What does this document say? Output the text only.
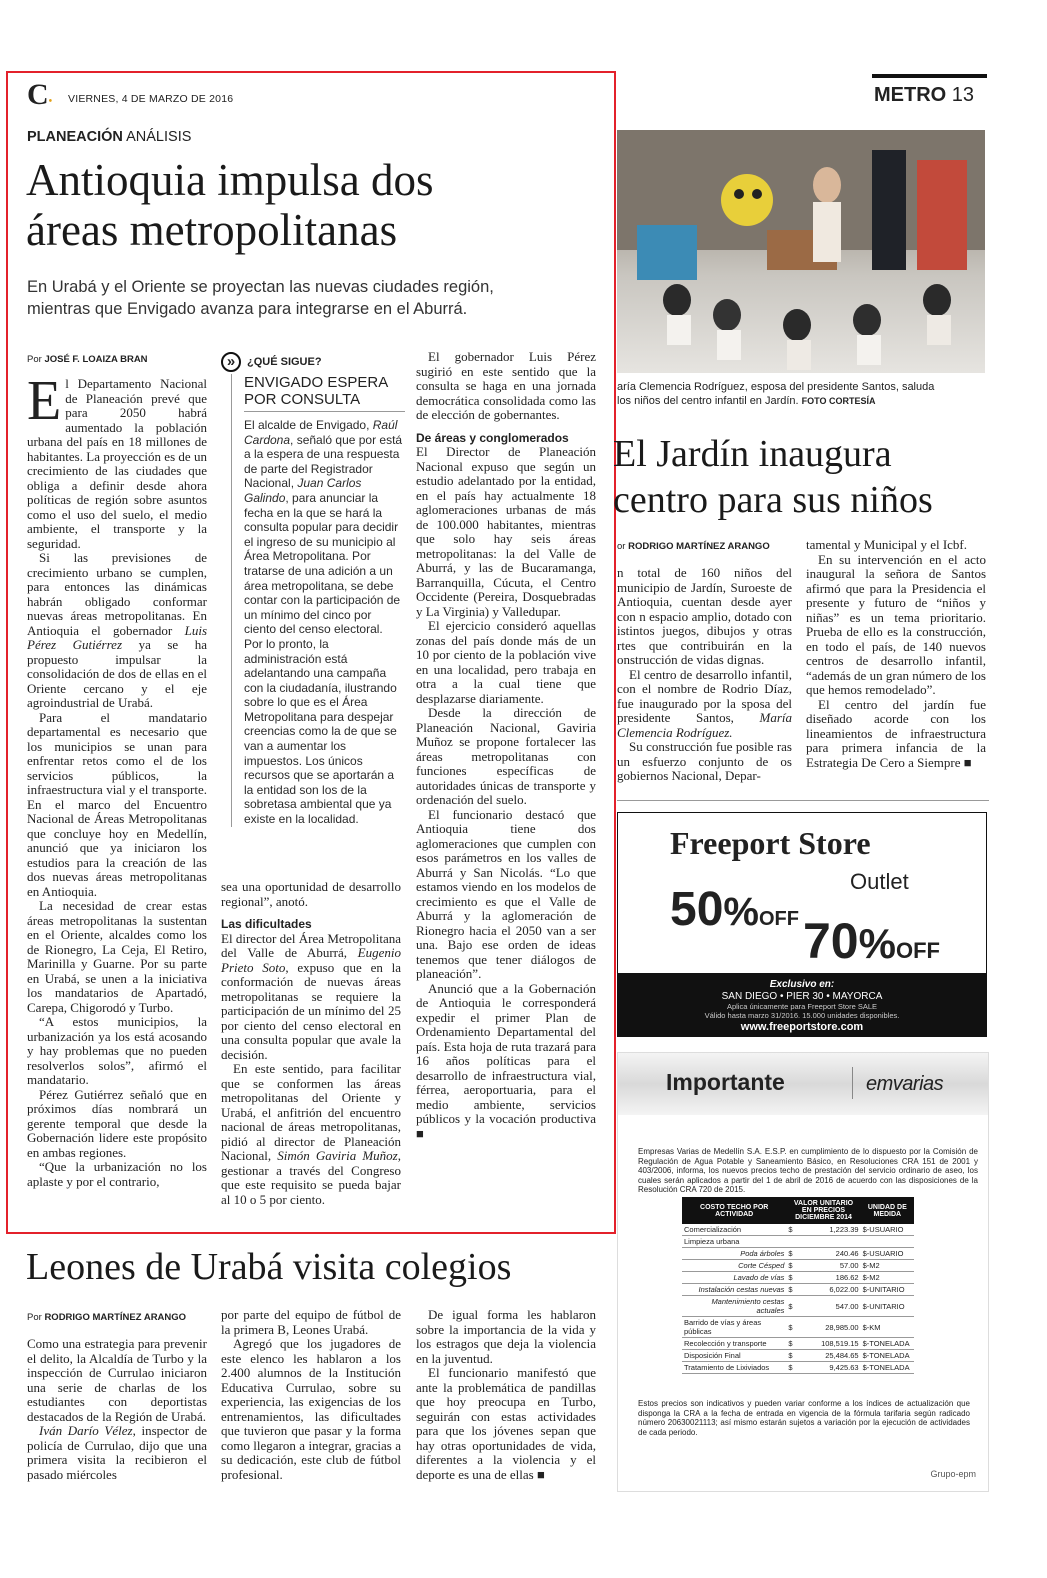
C• VIERNES, 4 DE MARZO DE 2016	METRO 13
PLANEACIÓN ANÁLISIS
Antioquia impulsa dos
áreas metropolitanas
En Urabá y el Oriente se proyectan las nuevas ciudades región,
mientras que Envigado avanza para integrarse en el Aburrá.
Por JOSÉ F. LOAIZA BRAN

El Departamento Nacional de Planeación prevé que para 2050 habrá aumentado la población urbana del país en 18 millones de habitantes. La proyección es de un crecimiento de las ciudades que obliga a definir desde ahora políticas de región sobre asuntos como el uso del suelo, el medio ambiente, el transporte y la seguridad.

Si las previsiones de crecimiento urbano se cumplen, para entonces las dinámicas habrán obligado conformar nuevas áreas metropolitanas. En Antioquia el gobernador Luis Pérez Gutiérrez ya se ha propuesto impulsar la consolidación de dos de ellas en el Oriente cercano y el eje agroindustrial de Urabá.

Para el mandatario departamental es necesario que los municipios se unan para enfrentar retos como el de los servicios públicos, la infraestructura vial y el transporte. En el marco del Encuentro Nacional de Áreas Metropolitanas que concluye hoy en Medellín, anunció que ya iniciaron los estudios para la creación de las dos nuevas áreas metropolitanas en Antioquia.

La necesidad de crear estas áreas metropolitanas la sustentan en el Oriente, alcaldes como los de Rionegro, La Ceja, El Retiro, Marinilla y Guarne. Por su parte en Urabá, se unen a la iniciativa los mandatarios de Apartadó, Carepa, Chigorodó y Turbo.

“A estos municipios, la urbanización ya los está acosando y hay problemas que no pueden resolverlos solos”, afirmó el mandatario.

Pérez Gutiérrez señaló que en próximos días nombrará un gerente temporal que desde la Gobernación lidere este propósito en ambas regiones.

“Que la urbanización no los aplaste y por el contrario,

»	¿QUÉ SIGUE?
ENVIGADO ESPERA
POR CONSULTA

El alcalde de Envigado, Raúl Cardona, señaló que por está a la espera de una respuesta de parte del Registrador Nacional, Juan Carlos Galindo, para anunciar la fecha en la que se hará la consulta popular para decidir el ingreso de su municipio al Área Metropolitana. Por tratarse de una adición a un área metropolitana, se debe contar con la participación de un mínimo del cinco por ciento del censo electoral.

Por lo pronto, la administración está adelantando una campaña con la ciudadanía, ilustrando sobre lo que es el Área Metropolitana para despejar creencias como la de que se van a aumentar los impuestos. Los únicos recursos que se aportarán a la entidad son los de la sobretasa ambiental que ya existe en la localidad.

sea una oportunidad de desarrollo regional”, anotó.

Las dificultades

El director del Área Metropolitana del Valle de Aburrá, Eugenio Prieto Soto, expuso que en la conformación de nuevas áreas metropolitanas se requiere la participación de un mínimo del 25 por ciento del censo electoral en una consulta popular que avale la decisión.

En este sentido, para facilitar que se conformen las áreas metropolitanas del Oriente y Urabá, el anfitrión del encuentro nacional de áreas metropolitanas, pidió al director de Planeación Nacional, Simón Gaviria Muñoz, gestionar a través del Congreso que este requisito se pueda bajar al 10 o 5 por ciento.

El gobernador Luis Pérez sugirió en este sentido que la consulta se haga en una jornada democrática consolidada como las de elección de gobernantes.

De áreas y conglomerados

El Director de Planeación Nacional expuso que según un estudio adelantado por la entidad, en el país hay actualmente 18 aglomeraciones urbanas de más de 100.000 habitantes, mientras que solo hay seis áreas metropolitanas: la del Valle de Aburrá, y las de Bucaramanga, Barranquilla, Cúcuta, el Centro Occidente (Pereira, Dosquebradas y La Virginia) y Valledupar.

El ejercicio consideró aquellas zonas del país donde más de un 10 por ciento de la población vive en una localidad, pero trabaja en otra a la cual tiene que desplazarse diariamente.

Desde la dirección de Planeación Nacional, Gaviria Muñoz se propone fortalecer las áreas metropolitanas con funciones específicas de autoridades únicas de transporte y ordenación del suelo.

El funcionario destacó que Antioquia tiene dos aglomeraciones que cumplen con esos parámetros en los valles de Aburrá y San Nicolás. “Lo que estamos viendo en los modelos de crecimiento es que el Valle de Aburrá y la aglomeración de Rionegro hacia el 2050 van a ser una. Bajo ese orden de ideas tenemos que tener diálogos de planeación”.

Anunció que a la Gobernación de Antioquia le corresponderá expedir el primer Plan de Ordenamiento Departamental del país. Esta hoja de ruta trazará para 16 años políticas para el desarrollo de infraestructura vial, férrea, aeroportuaria, para el medio ambiente, servicios públicos y la vocación productiva ■

aría Clemencia Rodríguez, esposa del presidente Santos, saluda
los niños del centro infantil en Jardín. FOTO CORTESÍA
El Jardín inaugura
centro para sus niños
or RODRIGO MARTÍNEZ ARANGO

n total de 160 niños del municipio de Jardín, Suroeste de Antioquia, cuentan desde ayer con n espacio amplio, dotado con istintos juegos, dibujos y otras rtes que contribuirán en la onstrucción de vidas dignas.

El centro de desarrollo infantil, con el nombre de Rodrio Díaz, fue inaugurado por la sposa del presidente Santos, María Clemencia Rodríguez.

Su construcción fue posible ras un esfuerzo conjunto de os gobiernos Nacional, Depar-

tamental y Municipal y el Icbf.

En su intervención en el acto inaugural la señora de Santos afirmó que para la Presidencia el presente y futuro de “niños y niñas” es un tema prioritario. Prueba de ello es la construcción, en todo el país, de 140 nuevos centros de desarrollo infantil, “además de un gran número de los que hemos remodelado”.

El centro del jardín fue diseñado acorde con los lineamientos de infraestructura para primera infancia de la Estrategia De Cero a Siempre ■

Freeport Store
Outlet
50%OFF 70%OFF
Exclusivo en:
SAN DIEGO • PIER 30 • MAYORCA
Aplica únicamente para Freeport Store SALE
Válido hasta marzo 31/2016. 15.000 unidades disponibles.
www.freeportstore.com
Importante	emvarias
Empresas Varias de Medellín S.A. E.S.P. en cumplimiento de lo dispuesto por la Comisión de Regulación de Agua Potable y Saneamiento Básico, en Resoluciones CRA 151 de 2001 y 403/2006, informa, los nuevos precios techo de prestación del servicio ordinario de aseo, los cuales serán aplicados a partir del 1 de abril de 2016 de acuerdo con las disposiciones de la Resolución CRA 720 de 2015.
COSTO TECHO POR ACTIVIDAD	VALOR UNITARIO EN PRECIOS DICIEMBRE 2014		UNIDAD DE MEDIDA
Comercialización	$	1,223.39	$-USUARIO
Limpieza urbana			
Poda árboles	$	240.46	$-USUARIO
Corte Césped	$	57.00	$-M2
Lavado de vías	$	186.62	$-M2
Instalación cestas nuevas	$	6,022.00	$-UNITARIO
Mantenimiento cestas actuales	$	547.00	$-UNITARIO
Barrido de vías y áreas públicas	$	28,985.00	$-KM
Recolección y transporte	$	108,519.15	$-TONELADA
Disposición Final	$	25,484.65	$-TONELADA
Tratamiento de Lixiviados	$	9,425.63	$-TONELADA
Estos precios son indicativos y pueden variar conforme a los índices de actualización que disponga la CRA a la fecha de entrada en vigencia de la fórmula tarifaria según radicado número 20630021113; así mismo estarán sujetos a variación por la ejecución de actividades de cada periodo.
Grupo-epm
Leones de Urabá visita colegios
Por RODRIGO MARTÍNEZ ARANGO

Como una estrategia para prevenir el delito, la Alcaldía de Turbo y la inspección de Currulao iniciaron una serie de charlas de los estudiantes con deportistas destacados de la Región de Urabá.

Iván Darío Vélez, inspector de policía de Currulao, dijo que una primera visita la recibieron el pasado miércoles

por parte del equipo de fútbol de la primera B, Leones Urabá.

Agregó que los jugadores de este elenco les hablaron a los 2.400 alumnos de la Institución Educativa Currulao, sobre su experiencia, las exigencias de los entrenamientos, las dificultades que tuvieron que pasar y la forma como llegaron a integrar, gracias a su dedicación, este club de fútbol profesional.

De igual forma les hablaron sobre la importancia de la vida y los estragos que deja la violencia en la juventud.

El funcionario manifestó que ante la problemática de pandillas que hoy preocupa en Turbo, seguirán con estas actividades para que los jóvenes sepan que hay otras oportunidades de vida, diferentes a la violencia y el deporte es una de ellas ■
